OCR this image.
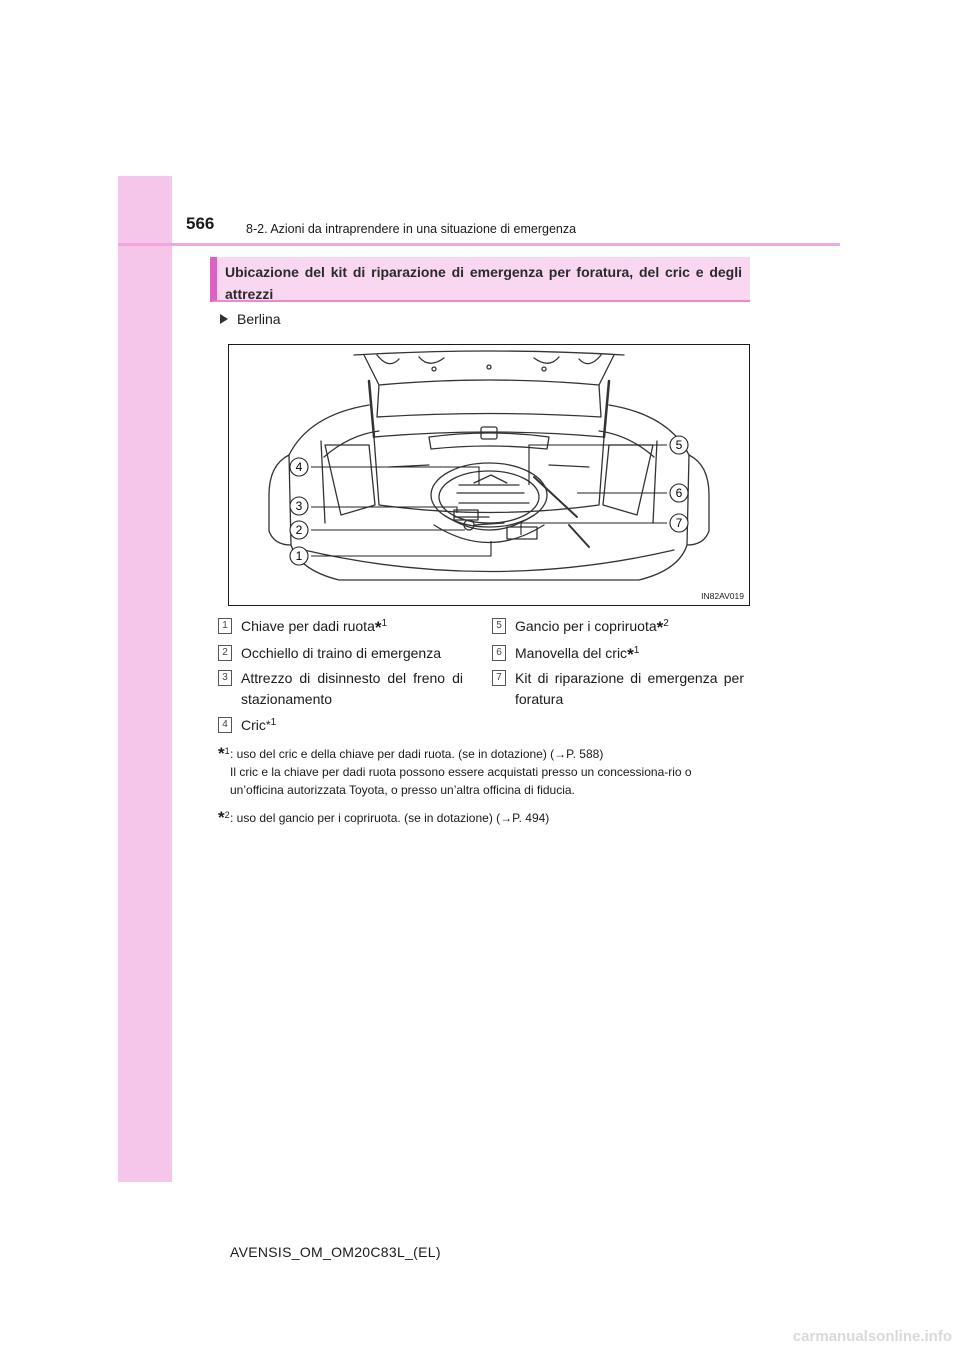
566	8-2. Azioni da intraprendere in una situazione di emergenza
Ubicazione del kit di riparazione di emergenza per foratura, del cric e degli attrezzi
Berlina
4
3
2
1
5
6
7
IN82AV019
1 Chiave per dadi ruota*$^1$
2 Occhiello di traino di emergenza
3 Attrezzo di disinnesto del freno di stazionamento
4 Cric*$^1$
5 Gancio per i copriruota*$^2$
6 Manovella del cric*$^1$
7 Kit di riparazione di emergenza per foratura
*$^1$ : uso del cric e della chiave per dadi ruota. (se in dotazione) (→P. 588)
Il cric e la chiave per dadi ruota possono essere acquistati presso un concessiona-rio o un’officina autorizzata Toyota, o presso un’altra officina di fiducia.
*$^2$ : uso del gancio per i copriruota. (se in dotazione) (→P. 494)
AVENSIS_OM_OM20C83L_(EL)
carmanualsonline.info
